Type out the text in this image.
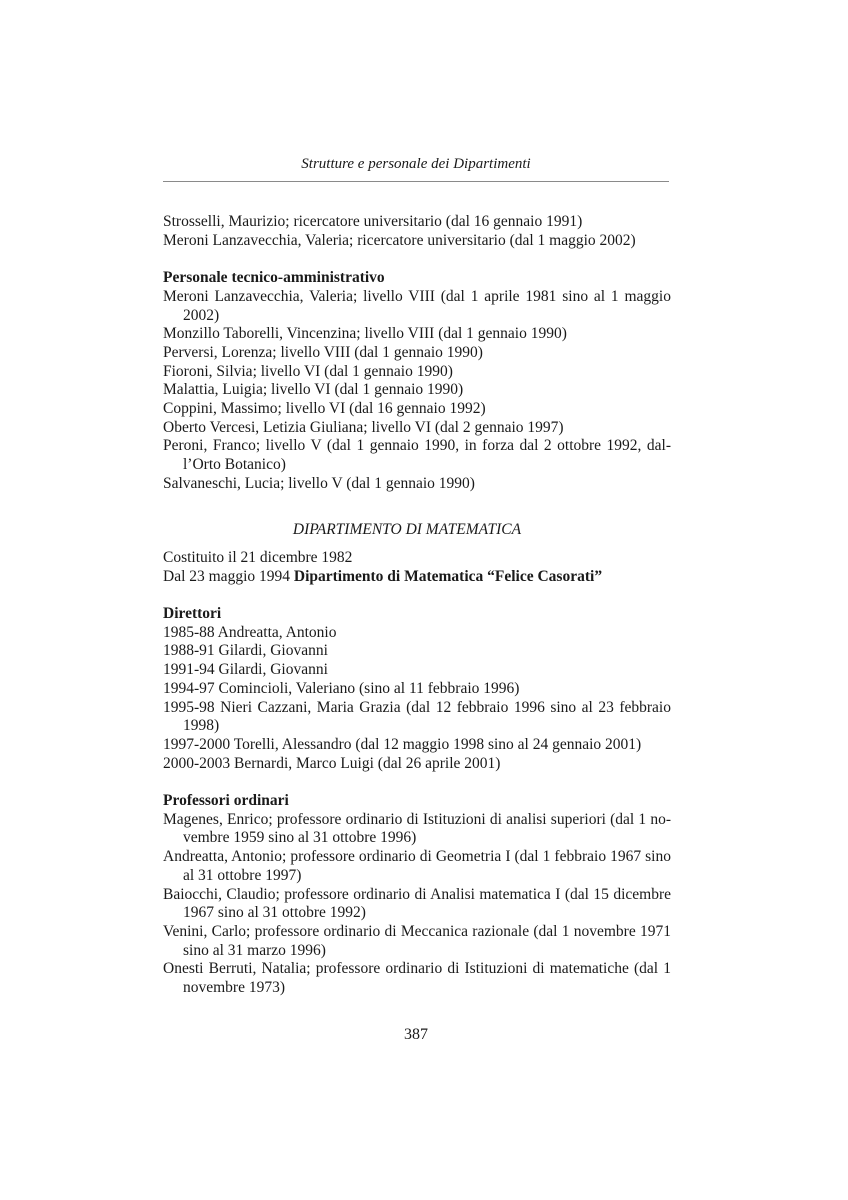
Strutture e personale dei Dipartimenti

Strosselli, Maurizio; ricercatore universitario (dal 16 gennaio 1991)

Meroni Lanzavecchia, Valeria; ricercatore universitario (dal 1 maggio 2002)

Personale tecnico-amministrativo

Meroni Lanzavecchia, Valeria; livello VIII (dal 1 aprile 1981 sino al 1 maggio 2002)

Monzillo Taborelli, Vincenzina; livello VIII (dal 1 gennaio 1990)

Perversi, Lorenza; livello VIII (dal 1 gennaio 1990)

Fioroni, Silvia; livello VI (dal 1 gennaio 1990)

Malattia, Luigia; livello VI (dal 1 gennaio 1990)

Coppini, Massimo; livello VI (dal 16 gennaio 1992)

Oberto Vercesi, Letizia Giuliana; livello VI (dal 2 gennaio 1997)

Peroni, Franco; livello V (dal 1 gennaio 1990, in forza dal 2 ottobre 1992, dal-l’Orto Botanico)

Salvaneschi, Lucia; livello V (dal 1 gennaio 1990)

DIPARTIMENTO DI MATEMATICA

Costituito il 21 dicembre 1982

Dal 23 maggio 1994 Dipartimento di Matematica “Felice Casorati”

Direttori

1985-88 Andreatta, Antonio

1988-91 Gilardi, Giovanni

1991-94 Gilardi, Giovanni

1994-97 Comincioli, Valeriano (sino al 11 febbraio 1996)

1995-98 Nieri Cazzani, Maria Grazia (dal 12 febbraio 1996 sino al 23 febbraio 1998)

1997-2000 Torelli, Alessandro (dal 12 maggio 1998 sino al 24 gennaio 2001)

2000-2003 Bernardi, Marco Luigi (dal 26 aprile 2001)

Professori ordinari

Magenes, Enrico; professore ordinario di Istituzioni di analisi superiori (dal 1 no-vembre 1959 sino al 31 ottobre 1996)

Andreatta, Antonio; professore ordinario di Geometria I (dal 1 febbraio 1967 sino al 31 ottobre 1997)

Baiocchi, Claudio; professore ordinario di Analisi matematica I (dal 15 dicembre 1967 sino al 31 ottobre 1992)

Venini, Carlo; professore ordinario di Meccanica razionale (dal 1 novembre 1971 sino al 31 marzo 1996)

Onesti Berruti, Natalia; professore ordinario di Istituzioni di matematiche (dal 1 novembre 1973)

387
